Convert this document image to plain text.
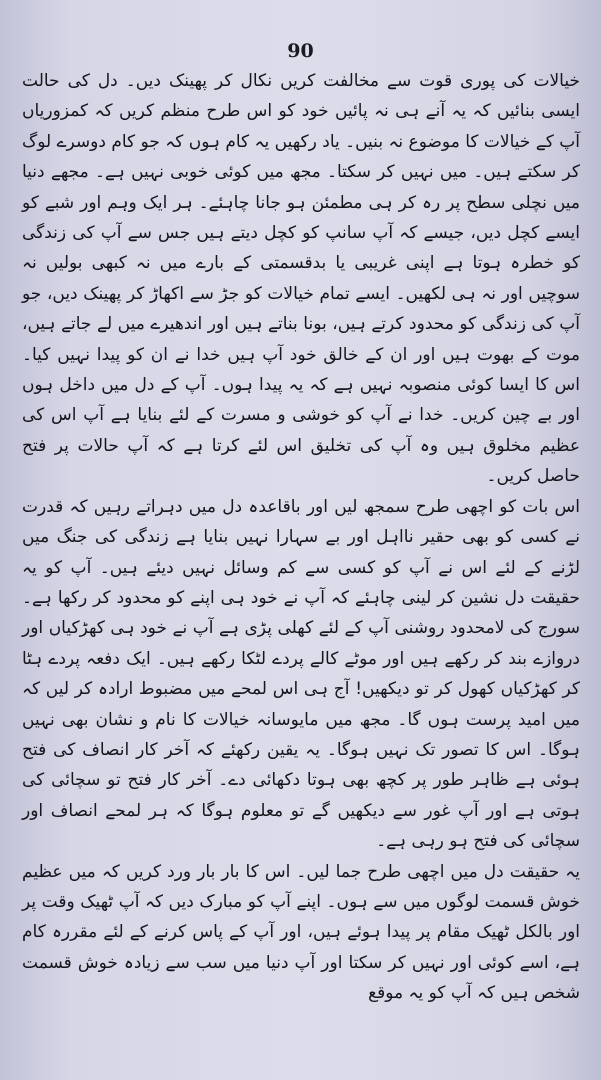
90

خیالات کی پوری قوت سے مخالفت کریں نکال کر پھینک دیں۔ دل کی حالت ایسی بنائیں کہ یہ آنے ہی نہ پائیں خود کو اس طرح منظم کریں کہ کمزوریاں آپ کے خیالات کا موضوع نہ بنیں۔ یاد رکھیں یہ کام ہوں کہ جو کام دوسرے لوگ کر سکتے ہیں۔ میں نہیں کر سکتا۔ مجھ میں کوئی خوبی نہیں ہے۔ مجھے دنیا میں نچلی سطح پر رہ کر ہی مطمئن ہو جانا چاہئے۔ ہر ایک وہم اور شبے کو ایسے کچل دیں، جیسے کہ آپ سانپ کو کچل دیتے ہیں جس سے آپ کی زندگی کو خطرہ ہوتا ہے اپنی غریبی یا بدقسمتی کے بارے میں نہ کبھی بولیں نہ سوچیں اور نہ ہی لکھیں۔ ایسے تمام خیالات کو جڑ سے اکھاڑ کر پھینک دیں، جو آپ کی زندگی کو محدود کرتے ہیں، بونا بناتے ہیں اور اندھیرے میں لے جاتے ہیں، موت کے بھوت ہیں اور ان کے خالق خود آپ ہیں خدا نے ان کو پیدا نہیں کیا۔ اس کا ایسا کوئی منصوبہ نہیں ہے کہ یہ پیدا ہوں۔ آپ کے دل میں داخل ہوں اور بے چین کریں۔ خدا نے آپ کو خوشی و مسرت کے لئے بنایا ہے آپ اس کی عظیم مخلوق ہیں وہ آپ کی تخلیق اس لئے کرتا ہے کہ آپ حالات پر فتح حاصل کریں۔

اس بات کو اچھی طرح سمجھ لیں اور باقاعدہ دل میں دہراتے رہیں کہ قدرت نے کسی کو بھی حقیر نااہل اور بے سہارا نہیں بنایا ہے زندگی کی جنگ میں لڑنے کے لئے اس نے آپ کو کسی سے کم وسائل نہیں دیئے ہیں۔ آپ کو یہ حقیقت دل نشین کر لینی چاہئے کہ آپ نے خود ہی اپنے کو محدود کر رکھا ہے۔ سورج کی لامحدود روشنی آپ کے لئے کھلی پڑی ہے آپ نے خود ہی کھڑکیاں اور دروازے بند کر رکھے ہیں اور موٹے کالے پردے لٹکا رکھے ہیں۔ ایک دفعہ پردے ہٹا کر کھڑکیاں کھول کر تو دیکھیں! آج ہی اس لمحے میں مضبوط ارادہ کر لیں کہ میں امید پرست ہوں گا۔ مجھ میں مایوسانہ خیالات کا نام و نشان بھی نہیں ہوگا۔ اس کا تصور تک نہیں ہوگا۔ یہ یقین رکھئے کہ آخر کار انصاف کی فتح ہوئی ہے ظاہر طور پر کچھ بھی ہوتا دکھائی دے۔ آخر کار فتح تو سچائی کی ہوتی ہے اور آپ غور سے دیکھیں گے تو معلوم ہوگا کہ ہر لمحے انصاف اور سچائی کی فتح ہو رہی ہے۔

یہ حقیقت دل میں اچھی طرح جما لیں۔ اس کا بار بار ورد کریں کہ میں عظیم خوش قسمت لوگوں میں سے ہوں۔ اپنے آپ کو مبارک دیں کہ آپ ٹھیک وقت پر اور بالکل ٹھیک مقام پر پیدا ہوئے ہیں، اور آپ کے پاس کرنے کے لئے مقررہ کام ہے، اسے کوئی اور نہیں کر سکتا اور آپ دنیا میں سب سے زیادہ خوش قسمت شخص ہیں کہ آپ کو یہ موقع
